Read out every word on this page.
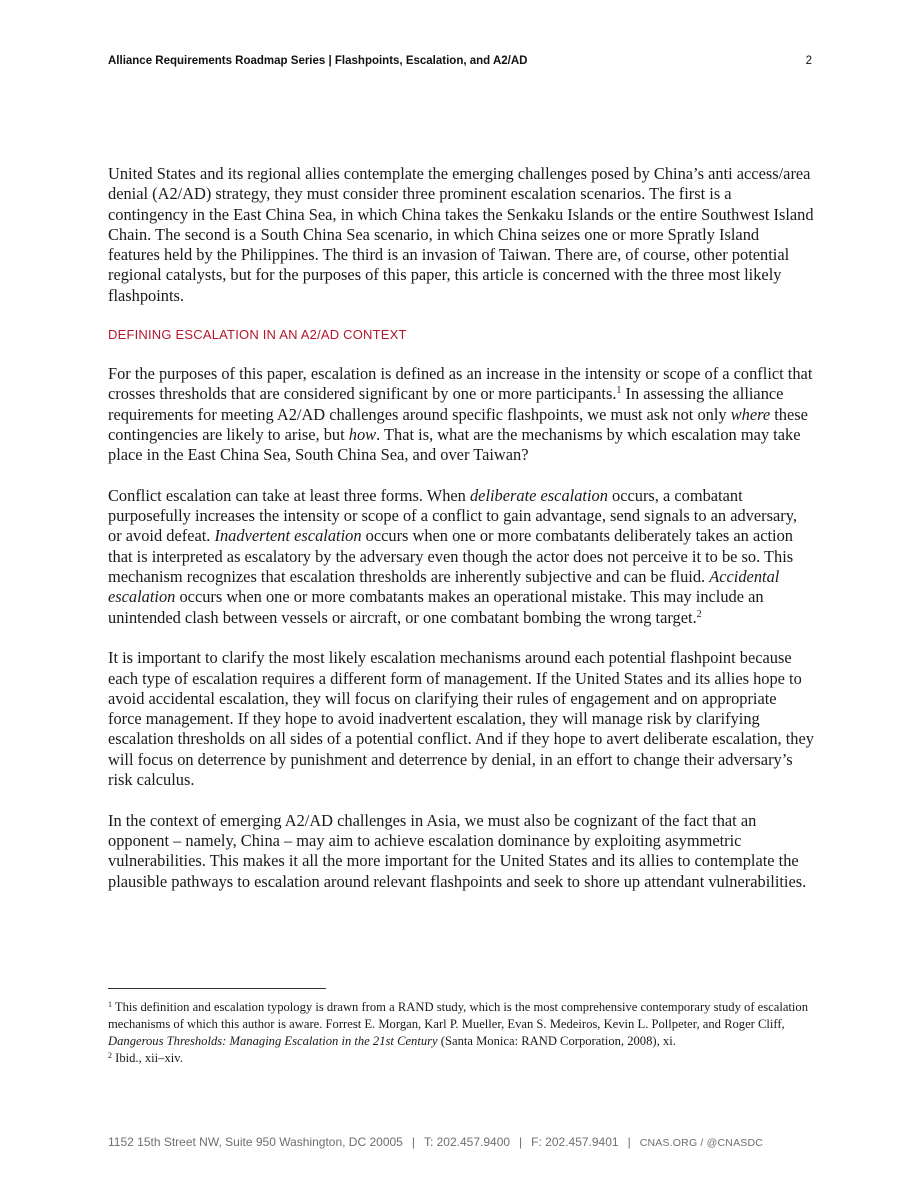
Alliance Requirements Roadmap Series | Flashpoints, Escalation, and A2/AD	2

United States and its regional allies contemplate the emerging challenges posed by China’s anti access/area denial (A2/AD) strategy, they must consider three prominent escalation scenarios. The first is a contingency in the East China Sea, in which China takes the Senkaku Islands or the entire Southwest Island Chain. The second is a South China Sea scenario, in which China seizes one or more Spratly Island features held by the Philippines. The third is an invasion of Taiwan. There are, of course, other potential regional catalysts, but for the purposes of this paper, this article is concerned with the three most likely flashpoints.

DEFINING ESCALATION IN AN A2/AD CONTEXT

For the purposes of this paper, escalation is defined as an increase in the intensity or scope of a conflict that crosses thresholds that are considered significant by one or more participants.$^1$ In assessing the alliance requirements for meeting A2/AD challenges around specific flashpoints, we must ask not only where these contingencies are likely to arise, but how. That is, what are the mechanisms by which escalation may take place in the East China Sea, South China Sea, and over Taiwan?

Conflict escalation can take at least three forms. When deliberate escalation occurs, a combatant purposefully increases the intensity or scope of a conflict to gain advantage, send signals to an adversary, or avoid defeat. Inadvertent escalation occurs when one or more combatants deliberately takes an action that is interpreted as escalatory by the adversary even though the actor does not perceive it to be so. This mechanism recognizes that escalation thresholds are inherently subjective and can be fluid. Accidental escalation occurs when one or more combatants makes an operational mistake. This may include an unintended clash between vessels or aircraft, or one combatant bombing the wrong target.$^2$

It is important to clarify the most likely escalation mechanisms around each potential flashpoint because each type of escalation requires a different form of management. If the United States and its allies hope to avoid accidental escalation, they will focus on clarifying their rules of engagement and on appropriate force management. If they hope to avoid inadvertent escalation, they will manage risk by clarifying escalation thresholds on all sides of a potential conflict. And if they hope to avert deliberate escalation, they will focus on deterrence by punishment and deterrence by denial, in an effort to change their adversary’s risk calculus.

In the context of emerging A2/AD challenges in Asia, we must also be cognizant of the fact that an opponent – namely, China – may aim to achieve escalation dominance by exploiting asymmetric vulnerabilities. This makes it all the more important for the United States and its allies to contemplate the plausible pathways to escalation around relevant flashpoints and seek to shore up attendant vulnerabilities.

$^1$ This definition and escalation typology is drawn from a RAND study, which is the most comprehensive contemporary study of escalation mechanisms of which this author is aware. Forrest E. Morgan, Karl P. Mueller, Evan S. Medeiros, Kevin L. Pollpeter, and Roger Cliff, Dangerous Thresholds: Managing Escalation in the 21st Century (Santa Monica: RAND Corporation, 2008), xi.

$^2$ Ibid., xii–xiv.

1152 15th Street NW, Suite 950 Washington, DC 20005 | T: 202.457.9400 | F: 202.457.9401 | CNAS.ORG / @CNASDC
